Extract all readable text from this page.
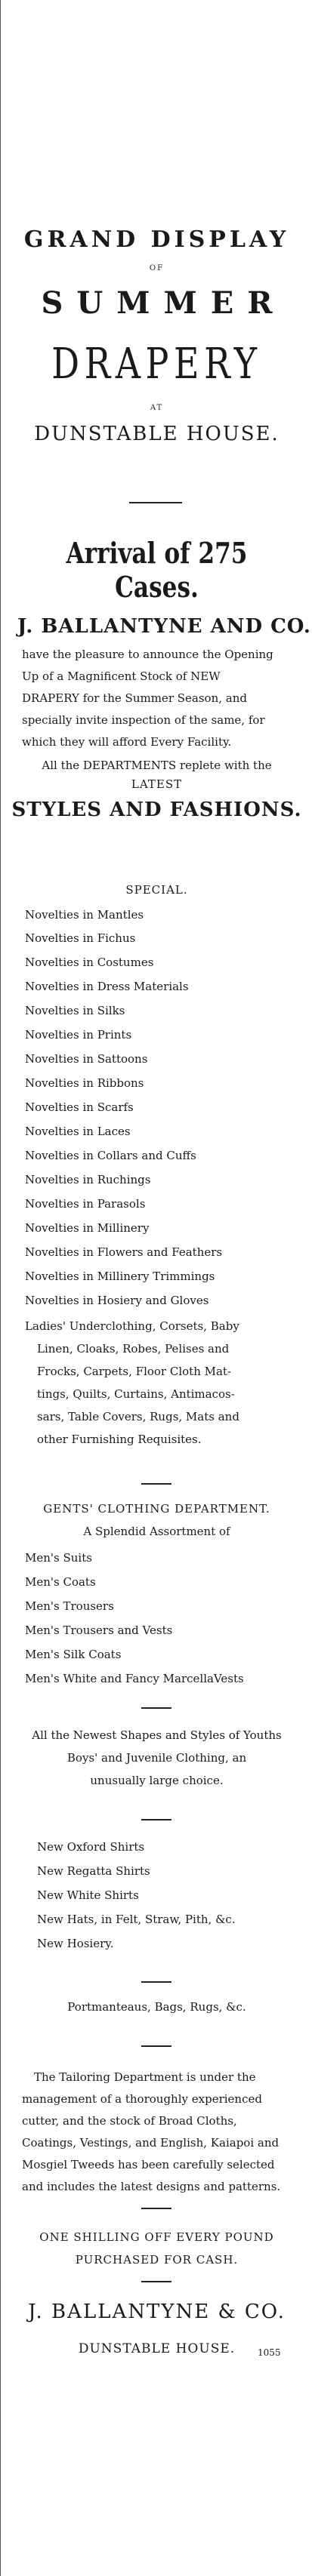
GRAND DISPLAY
OF
SUMMER
DRAPERY
AT
DUNSTABLE HOUSE.
Arrival of 275 Cases.
J. BALLANTYNE AND CO.
have the pleasure to announce the Opening
Up of a Magnificent Stock of NEW
DRAPERY for the Summer Season, and
specially invite inspection of the same, for
which they will afford Every Facility.
All the DEPARTMENTS replete with the
LATEST
STYLES AND FASHIONS.
SPECIAL.
Novelties in Mantles
Novelties in Fichus
Novelties in Costumes
Novelties in Dress Materials
Novelties in Silks
Novelties in Prints
Novelties in Sattoons
Novelties in Ribbons
Novelties in Scarfs
Novelties in Laces
Novelties in Collars and Cuffs
Novelties in Ruchings
Novelties in Parasols
Novelties in Millinery
Novelties in Flowers and Feathers
Novelties in Millinery Trimmings
Novelties in Hosiery and Gloves
Ladies' Underclothing, Corsets, Baby
Linen, Cloaks, Robes, Pelises and
Frocks, Carpets, Floor Cloth Mat-
tings, Quilts, Curtains, Antimacos-
sars, Table Covers, Rugs, Mats and
other Furnishing Requisites.
GENTS' CLOTHING DEPARTMENT.
A Splendid Assortment of
Men's Suits
Men's Coats
Men's Trousers
Men's Trousers and Vests
Men's Silk Coats
Men's White and Fancy MarcellaVests
All the Newest Shapes and Styles of Youths
Boys' and Juvenile Clothing, an
unusually large choice.
New Oxford Shirts
New Regatta Shirts
New White Shirts
New Hats, in Felt, Straw, Pith, &c.
New Hosiery.
Portmanteaus, Bags, Rugs, &c.
The Tailoring Department is under the
management of a thoroughly experienced
cutter, and the stock of Broad Cloths,
Coatings, Vestings, and English, Kaiapoi and
Mosgiel Tweeds has been carefully selected
and includes the latest designs and patterns.
ONE SHILLING OFF EVERY POUND
PURCHASED FOR CASH.
J. BALLANTYNE & CO.
DUNSTABLE HOUSE.	1055
